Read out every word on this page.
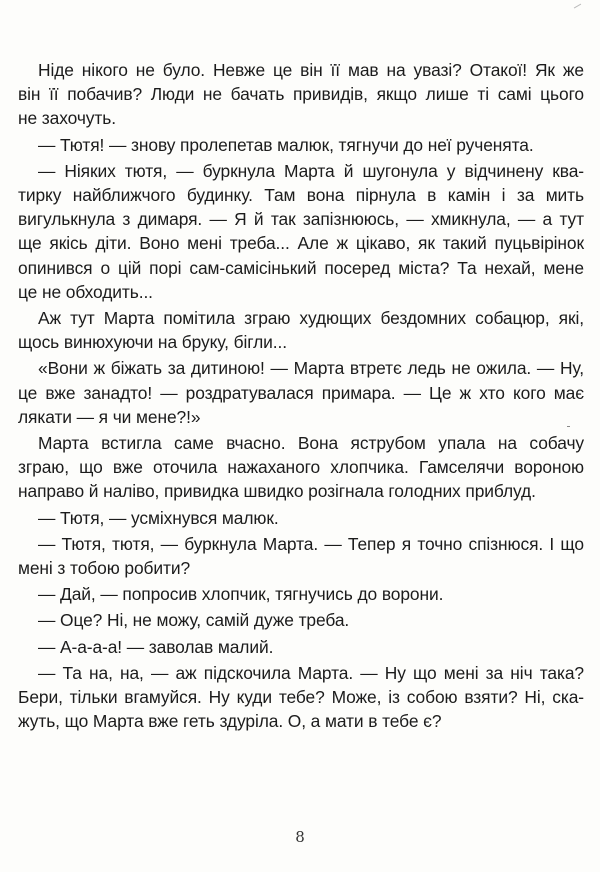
Ніде нікого не було. Невже це він її мав на увазі? Отакої! Як же
він її побачив? Люди не бачать привидів, якщо лише ті самі цього
не захочуть.

— Тютя! — знову пролепетав малюк, тягнучи до неї рученята.

— Ніяких тютя, — буркнула Марта й шугонула у відчинену ква-
тирку найближчого будинку. Там вона пірнула в камін і за мить
вигулькнула з димаря. — Я й так запізнююсь, — хмикнула, — а тут
ще якісь діти. Воно мені треба... Але ж цікаво, як такий пуцьвірінок
опинився о цій порі сам-самісінький посеред міста? Та нехай, мене
це не обходить...

Аж тут Марта помітила зграю худющих бездомних собацюр, які,
щось винюхуючи на бруку, бігли...

«Вони ж біжать за дитиною! — Марта втретє ледь не ожила. — Ну,
це вже занадто! — роздратувалася примара. — Це ж хто кого має
лякати — я чи мене?!»

Марта встигла саме вчасно. Вона яструбом упала на собачу
зграю, що вже оточила нажаханого хлопчика. Гамселячи вороною
направо й наліво, привидка швидко розігнала голодних приблуд.

— Тютя, — усміхнувся малюк.

— Тютя, тютя, — буркнула Марта. — Тепер я точно спізнюся. І що
мені з тобою робити?

— Дай, — попросив хлопчик, тягнучись до ворони.

— Оце? Ні, не можу, самій дуже треба.

— А-а-а-а! — заволав малий.

— Та на, на, — аж підскочила Марта. — Ну що мені за ніч така?
Бери, тільки вгамуйся. Ну куди тебе? Може, із собою взяти? Ні, ска-
жуть, що Марта вже геть здуріла. О, а мати в тебе є?

8
